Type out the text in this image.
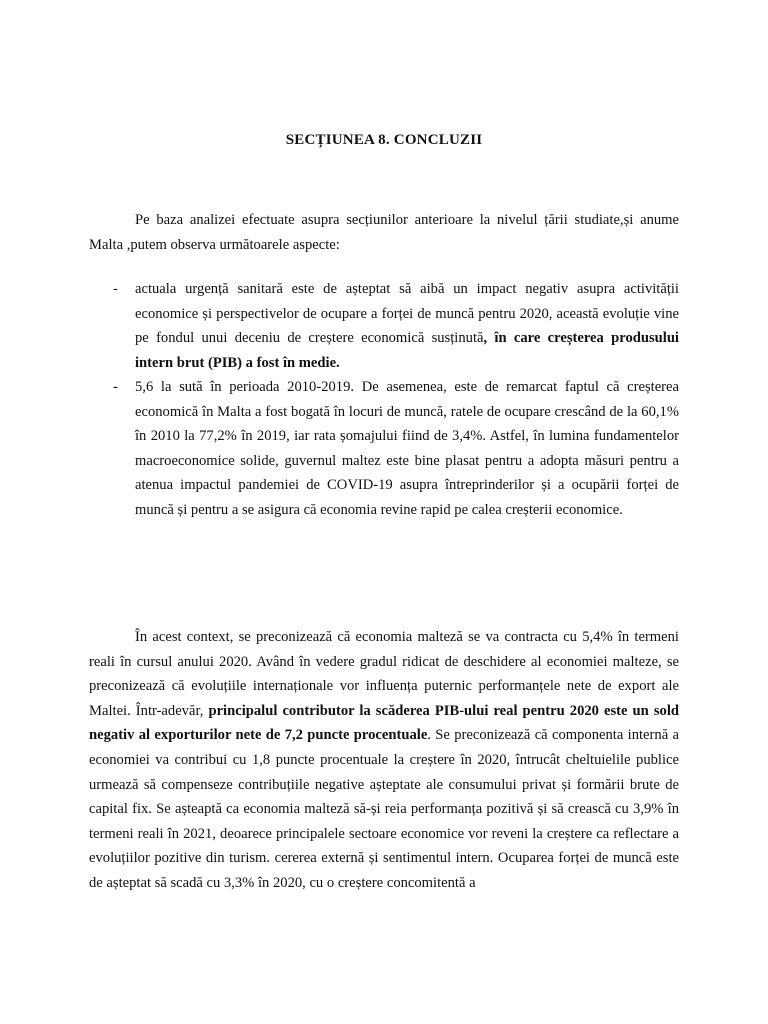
SECȚIUNEA 8. CONCLUZII

Pe baza analizei efectuate asupra secțiunilor anterioare la nivelul țării studiate,și anume Malta ,putem observa următoarele aspecte:

- actuala urgență sanitară este de așteptat să aibă un impact negativ asupra activității economice și perspectivelor de ocupare a forței de muncă pentru 2020, această evoluție vine pe fondul unui deceniu de creștere economică susținută, în care creșterea produsului intern brut (PIB) a fost în medie.
- 5,6 la sută în perioada 2010-2019. De asemenea, este de remarcat faptul că creșterea economică în Malta a fost bogată în locuri de muncă, ratele de ocupare crescând de la 60,1% în 2010 la 77,2% în 2019, iar rata șomajului fiind de 3,4%. Astfel, în lumina fundamentelor macroeconomice solide, guvernul maltez este bine plasat pentru a adopta măsuri pentru a atenua impactul pandemiei de COVID-19 asupra întreprinderilor și a ocupării forței de muncă și pentru a se asigura că economia revine rapid pe calea creșterii economice.

În acest context, se preconizează că economia malteză se va contracta cu 5,4% în termeni reali în cursul anului 2020. Având în vedere gradul ridicat de deschidere al economiei malteze, se preconizează că evoluțiile internaționale vor influența puternic performanțele nete de export ale Maltei. Într-adevăr, principalul contributor la scăderea PIB-ului real pentru 2020 este un sold negativ al exporturilor nete de 7,2 puncte procentuale. Se preconizează că componenta internă a economiei va contribui cu 1,8 puncte procentuale la creștere în 2020, întrucât cheltuielile publice urmează să compenseze contribuțiile negative așteptate ale consumului privat și formării brute de capital fix. Se așteaptă ca economia malteză să-și reia performanța pozitivă și să crească cu 3,9% în termeni reali în 2021, deoarece principalele sectoare economice vor reveni la creștere ca reflectare a evoluțiilor pozitive din turism. cererea externă și sentimentul intern. Ocuparea forței de muncă este de așteptat să scadă cu 3,3% în 2020, cu o creștere concomitentă a
